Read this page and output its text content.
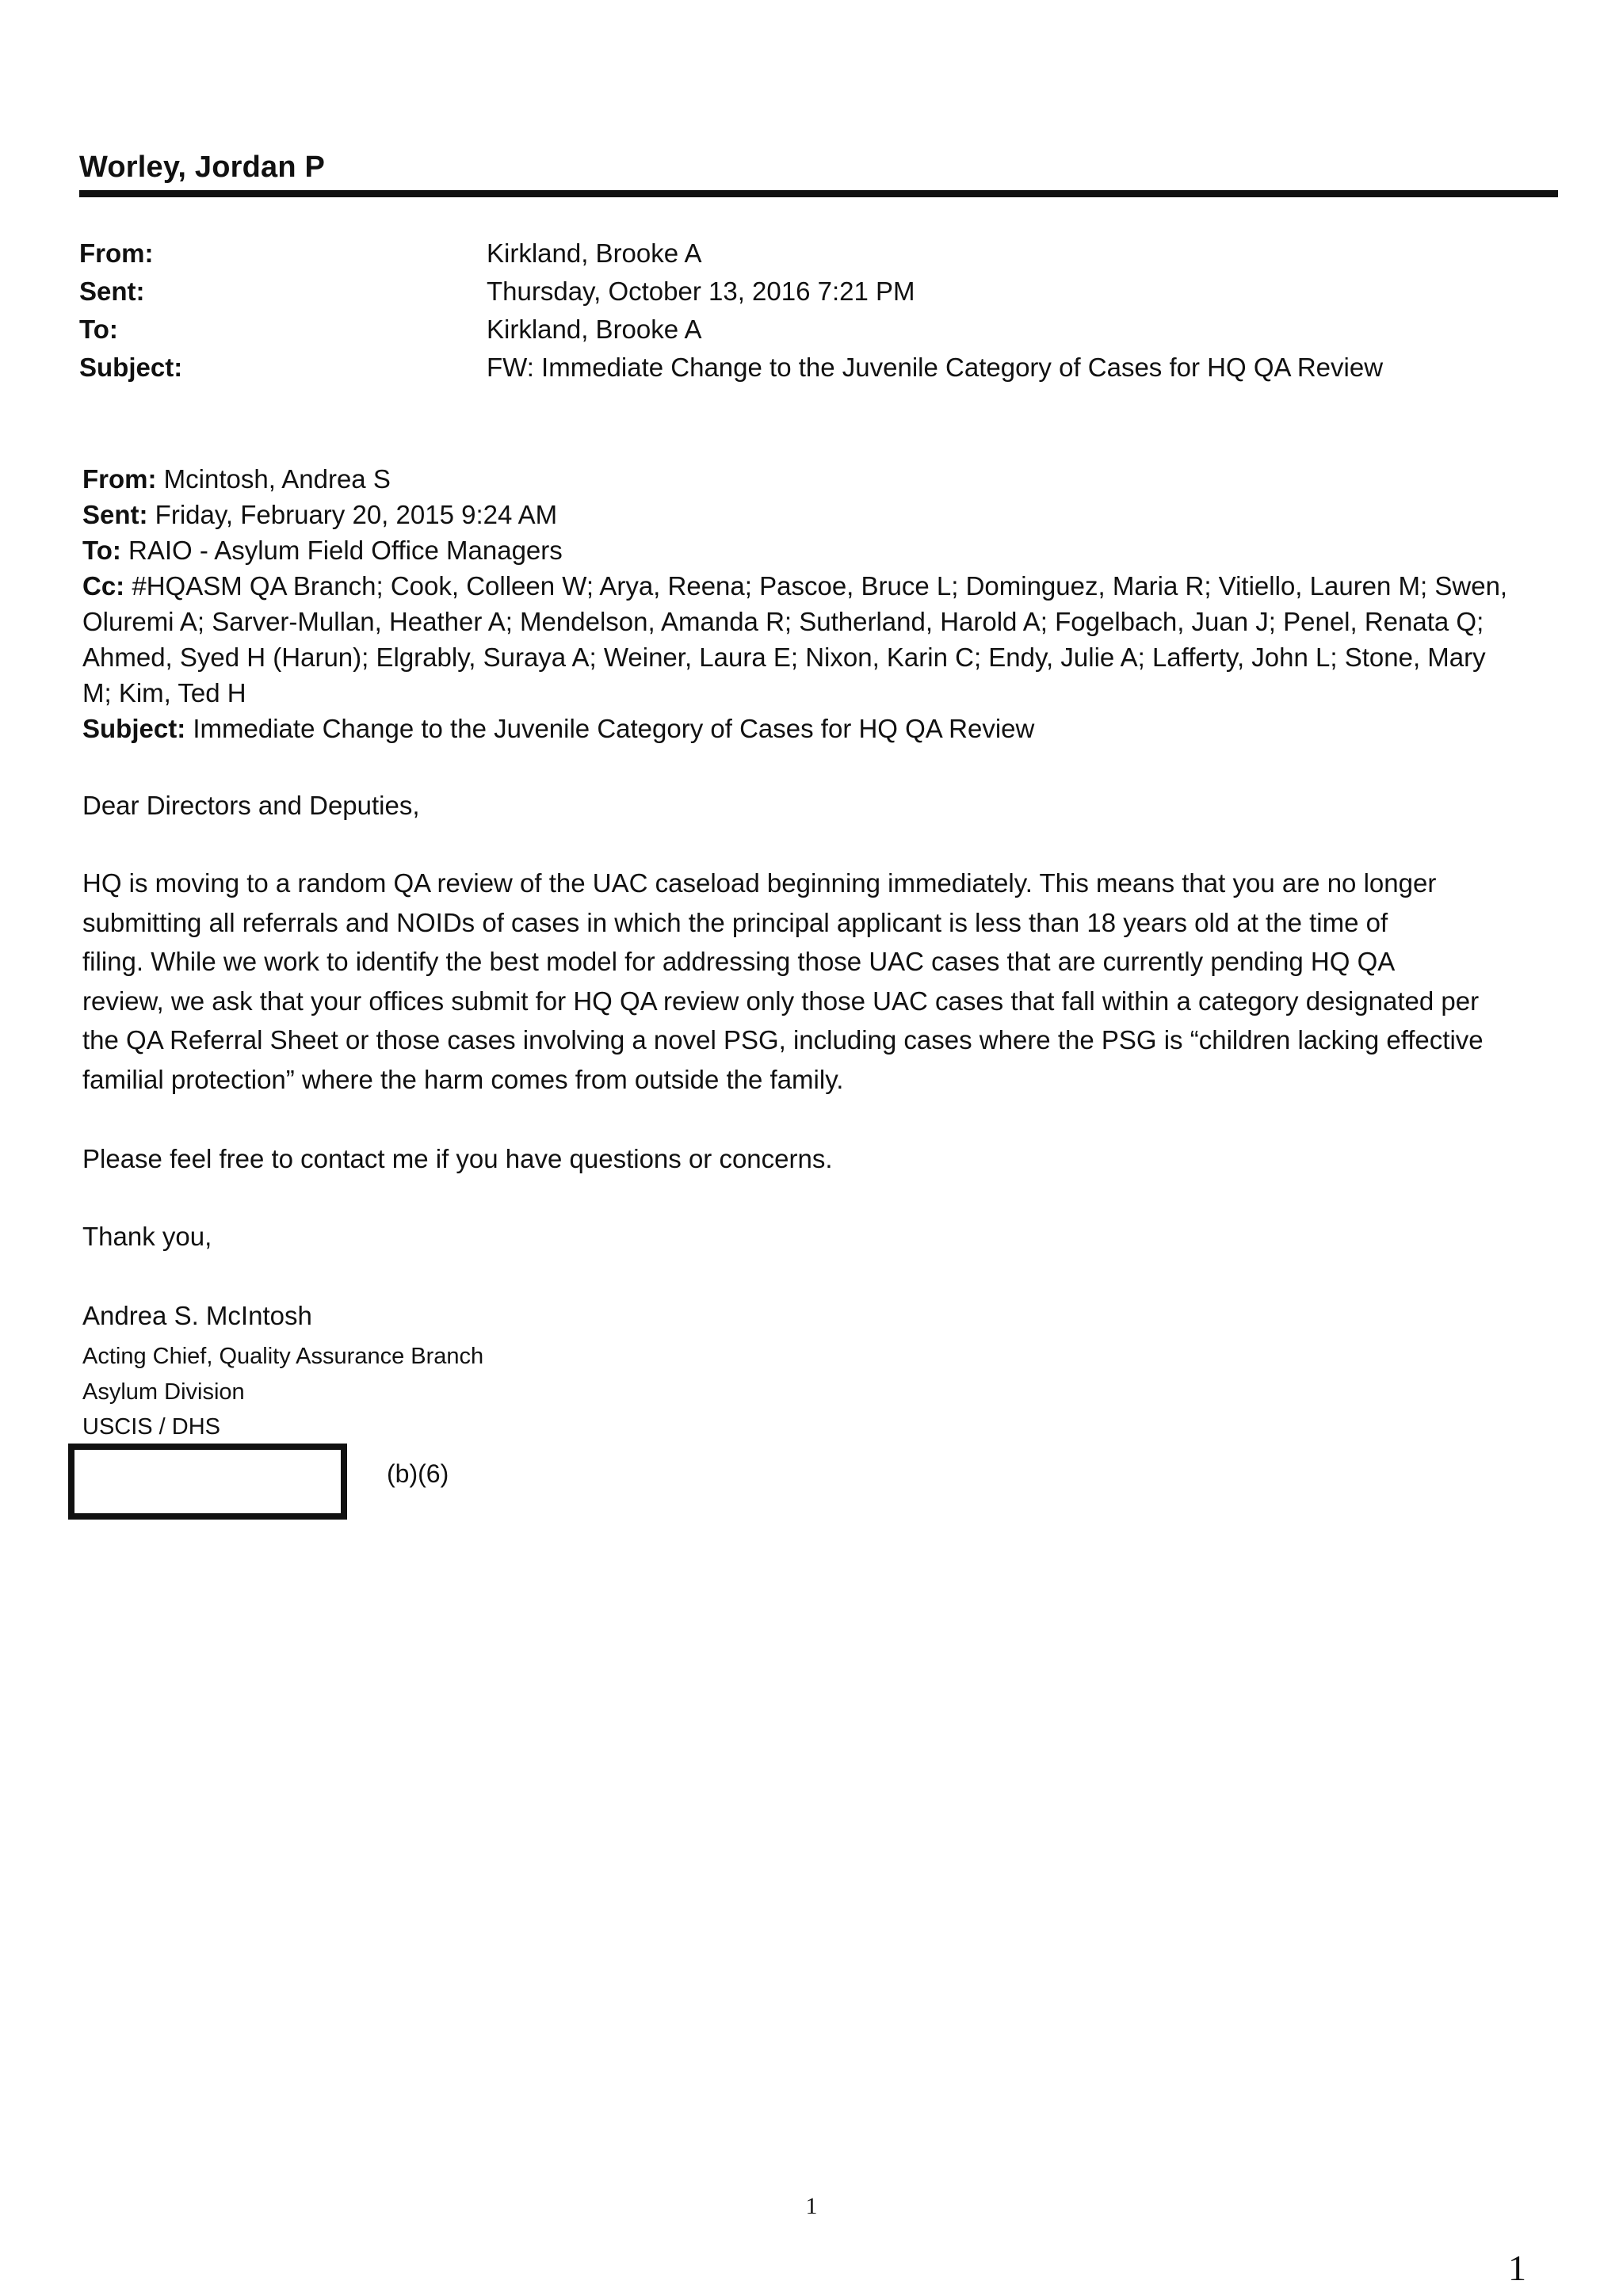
Worley, Jordan P
From:	Kirkland, Brooke A
Sent:	Thursday, October 13, 2016 7:21 PM
To:	Kirkland, Brooke A
Subject:	FW: Immediate Change to the Juvenile Category of Cases for HQ QA Review

From: Mcintosh, Andrea S

Sent: Friday, February 20, 2015 9:24 AM

To: RAIO - Asylum Field Office Managers

Cc: #HQASM QA Branch; Cook, Colleen W; Arya, Reena; Pascoe, Bruce L; Dominguez, Maria R; Vitiello, Lauren M; Swen,

Oluremi A; Sarver-Mullan, Heather A; Mendelson, Amanda R; Sutherland, Harold A; Fogelbach, Juan J; Penel, Renata Q;

Ahmed, Syed H (Harun); Elgrably, Suraya A; Weiner, Laura E; Nixon, Karin C; Endy, Julie A; Lafferty, John L; Stone, Mary

M; Kim, Ted H

Subject: Immediate Change to the Juvenile Category of Cases for HQ QA Review

Dear Directors and Deputies,
HQ is moving to a random QA review of the UAC caseload beginning immediately. This means that you are no longer
submitting all referrals and NOIDs of cases in which the principal applicant is less than 18 years old at the time of
filing. While we work to identify the best model for addressing those UAC cases that are currently pending HQ QA
review, we ask that your offices submit for HQ QA review only those UAC cases that fall within a category designated per
the QA Referral Sheet or those cases involving a novel PSG, including cases where the PSG is “children lacking effective
familial protection” where the harm comes from outside the family.
Please feel free to contact me if you have questions or concerns.
Thank you,
Andrea S. McIntosh
Acting Chief, Quality Assurance Branch
Asylum Division
USCIS / DHS
(b)(6)
1
1
